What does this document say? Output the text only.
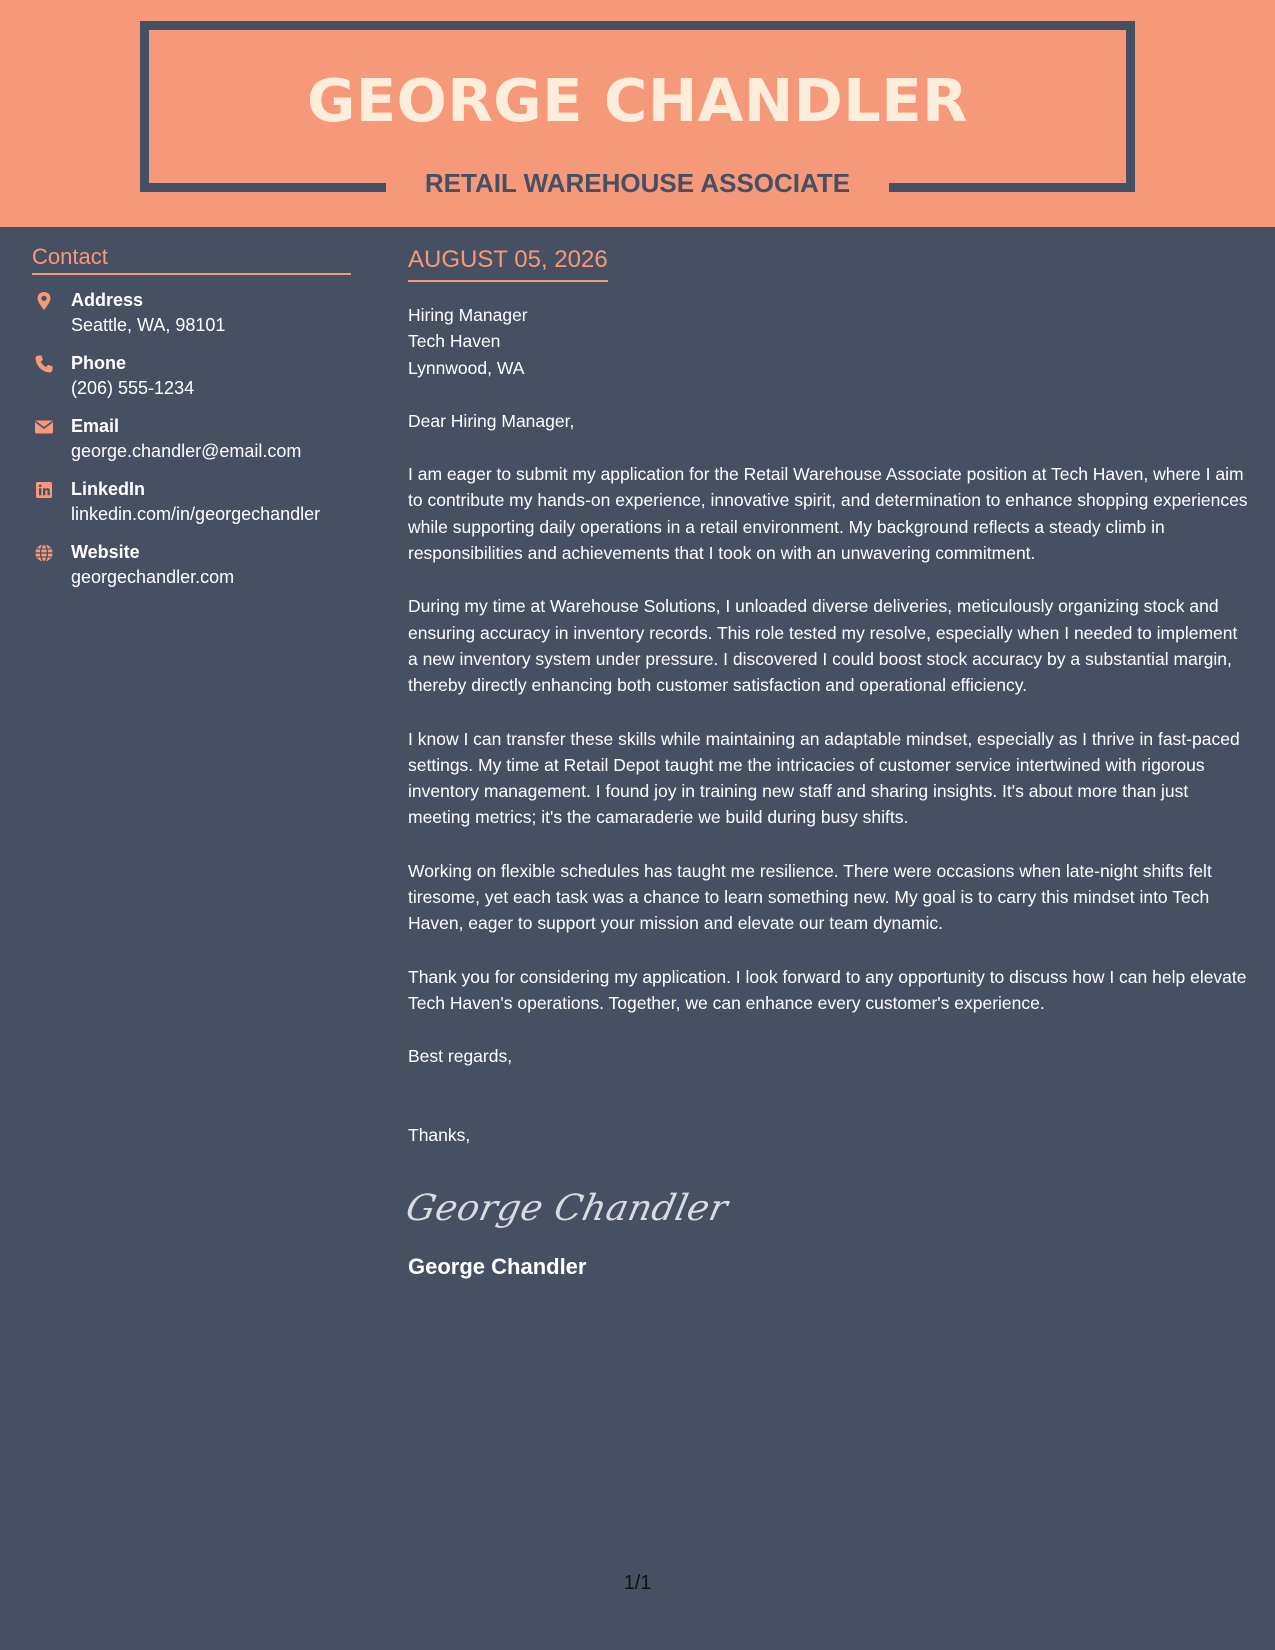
GEORGE CHANDLER
RETAIL WAREHOUSE ASSOCIATE
Contact
Address
Seattle, WA, 98101
Phone
(206) 555-1234
Email
george.chandler@email.com
LinkedIn
linkedin.com/in/georgechandler
Website
georgechandler.com
AUGUST 05, 2026
Hiring Manager
Tech Haven
Lynnwood, WA

Dear Hiring Manager,

I am eager to submit my application for the Retail Warehouse Associate position at Tech Haven, where I aim to contribute my hands-on experience, innovative spirit, and determination to enhance shopping experiences while supporting daily operations in a retail environment. My background reflects a steady climb in responsibilities and achievements that I took on with an unwavering commitment.

During my time at Warehouse Solutions, I unloaded diverse deliveries, meticulously organizing stock and ensuring accuracy in inventory records. This role tested my resolve, especially when I needed to implement a new inventory system under pressure. I discovered I could boost stock accuracy by a substantial margin, thereby directly enhancing both customer satisfaction and operational efficiency.

I know I can transfer these skills while maintaining an adaptable mindset, especially as I thrive in fast-paced settings. My time at Retail Depot taught me the intricacies of customer service intertwined with rigorous inventory management. I found joy in training new staff and sharing insights. It's about more than just meeting metrics; it's the camaraderie we build during busy shifts.

Working on flexible schedules has taught me resilience. There were occasions when late-night shifts felt tiresome, yet each task was a chance to learn something new. My goal is to carry this mindset into Tech Haven, eager to support your mission and elevate our team dynamic.

Thank you for considering my application. I look forward to any opportunity to discuss how I can help elevate Tech Haven's operations. Together, we can enhance every customer's experience.

Best regards,

Thanks,

George Chandler

George Chandler

1/1
